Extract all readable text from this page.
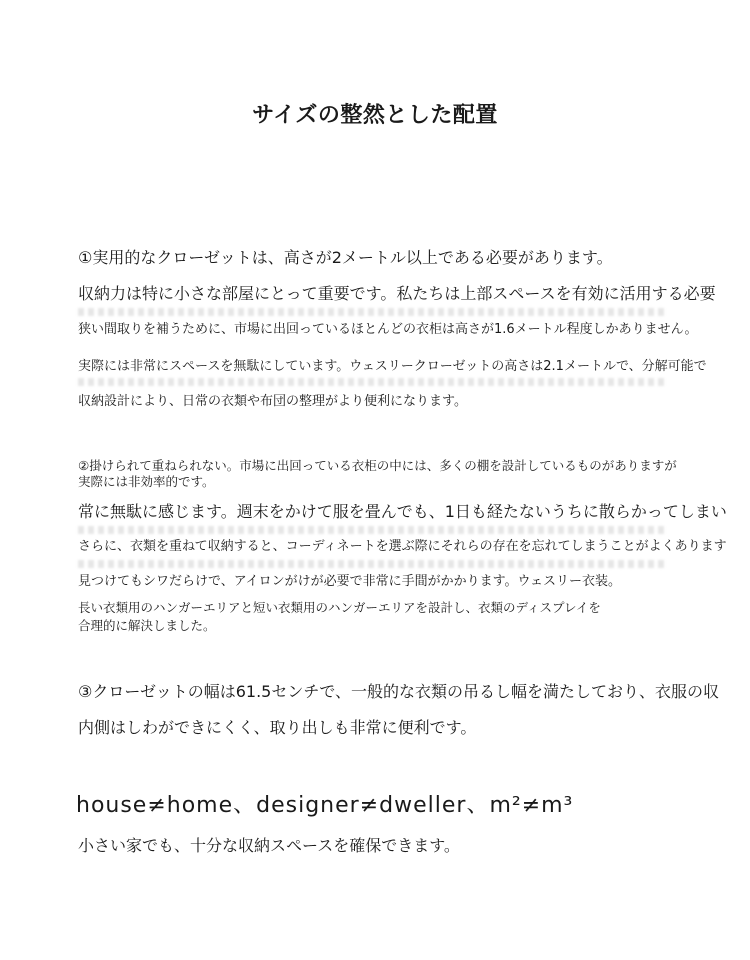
サイズの整然とした配置
①実用的なクローゼットは、高さが2メートル以上である必要があります。
収納力は特に小さな部屋にとって重要です。私たちは上部スペースを有効に活用する必要
狭い間取りを補うために、市場に出回っているほとんどの衣柜は高さが1.6メートル程度しかありません。
実際には非常にスペースを無駄にしています。ウェスリークローゼットの高さは2.1メートルで、分解可能で
収納設計により、日常の衣類や布団の整理がより便利になります。
②掛けられて重ねられない。市場に出回っている衣柜の中には、多くの棚を設計しているものがありますが
実際には非効率的です。
常に無駄に感じます。週末をかけて服を畳んでも、1日も経たないうちに散らかってしまい
さらに、衣類を重ねて収納すると、コーディネートを選ぶ際にそれらの存在を忘れてしまうことがよくあります
見つけてもシワだらけで、アイロンがけが必要で非常に手間がかかります。ウェスリー衣装。
長い衣類用のハンガーエリアと短い衣類用のハンガーエリアを設計し、衣類のディスプレイを
合理的に解決しました。
③クローゼットの幅は61.5センチで、一般的な衣類の吊るし幅を満たしており、衣服の収
内側はしわができにくく、取り出しも非常に便利です。
house≠home、designer≠dweller、m²≠m³
小さい家でも、十分な収納スペースを確保できます。
